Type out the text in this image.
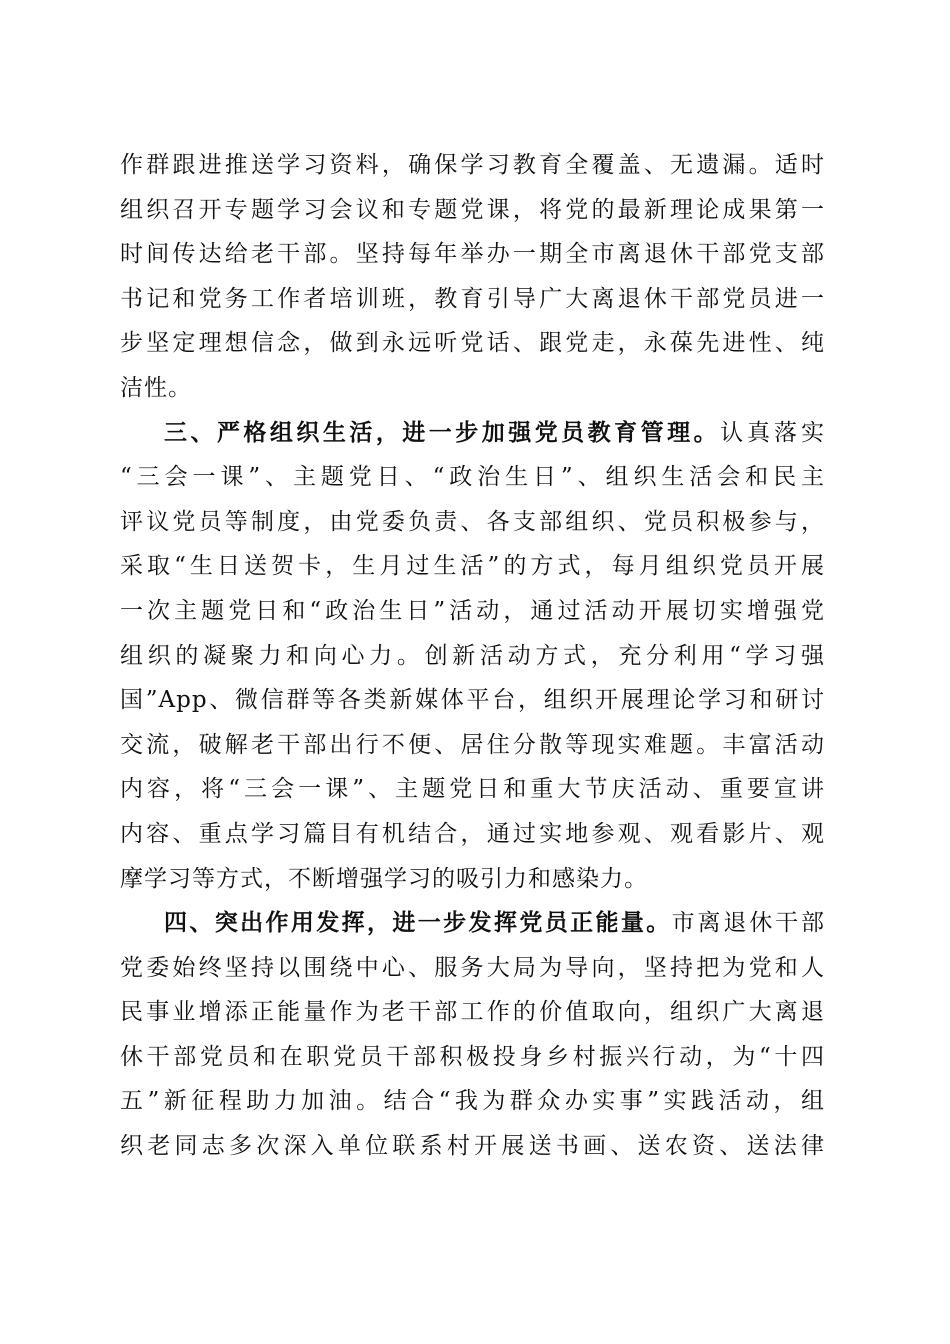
作群跟进推送学习资料，确保学习教育全覆盖、无遗漏。适时
组织召开专题学习会议和专题党课，将党的最新理论成果第一
时间传达给老干部。坚持每年举办一期全市离退休干部党支部
书记和党务工作者培训班，教育引导广大离退休干部党员进一
步坚定理想信念，做到永远听党话、跟党走，永葆先进性、纯
洁性。
三、严格组织生活，进一步加强党员教育管理。认真落实
“三会一课”、主题党日、“政治生日”、组织生活会和民主
评议党员等制度，由党委负责、各支部组织、党员积极参与，
采取“生日送贺卡，生月过生活”的方式，每月组织党员开展
一次主题党日和“政治生日”活动，通过活动开展切实增强党
组织的凝聚力和向心力。创新活动方式，充分利用“学习强
国”App、微信群等各类新媒体平台，组织开展理论学习和研讨
交流，破解老干部出行不便、居住分散等现实难题。丰富活动
内容，将“三会一课”、主题党日和重大节庆活动、重要宣讲
内容、重点学习篇目有机结合，通过实地参观、观看影片、观
摩学习等方式，不断增强学习的吸引力和感染力。
四、突出作用发挥，进一步发挥党员正能量。市离退休干部
党委始终坚持以围绕中心、服务大局为导向，坚持把为党和人
民事业增添正能量作为老干部工作的价值取向，组织广大离退
休干部党员和在职党员干部积极投身乡村振兴行动，为“十四
五”新征程助力加油。结合“我为群众办实事”实践活动，组
织老同志多次深入单位联系村开展送书画、送农资、送法律
